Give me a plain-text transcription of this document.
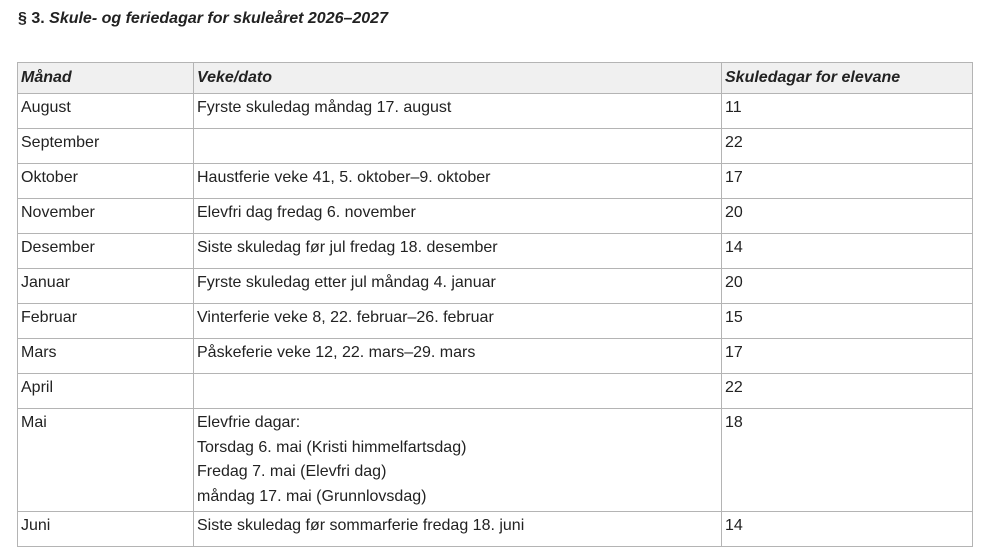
§ 3. Skule- og feriedagar for skuleåret 2026–2027
Månad	Veke/dato	Skuledagar for elevane
August	Fyrste skuledag måndag 17. august	11
September		22
Oktober	Haustferie veke 41, 5. oktober–9. oktober	17
November	Elevfri dag fredag 6. november	20
Desember	Siste skuledag før jul fredag 18. desember	14
Januar	Fyrste skuledag etter jul måndag 4. januar	20
Februar	Vinterferie veke 8, 22. februar–26. februar	15
Mars	Påskeferie veke 12, 22. mars–29. mars	17
April		22
Mai	Elevfrie dagar:
Torsdag 6. mai (Kristi himmelfartsdag)
Fredag 7. mai (Elevfri dag)
måndag 17. mai (Grunnlovsdag)	18
Juni	Siste skuledag før sommarferie fredag 18. juni	14
